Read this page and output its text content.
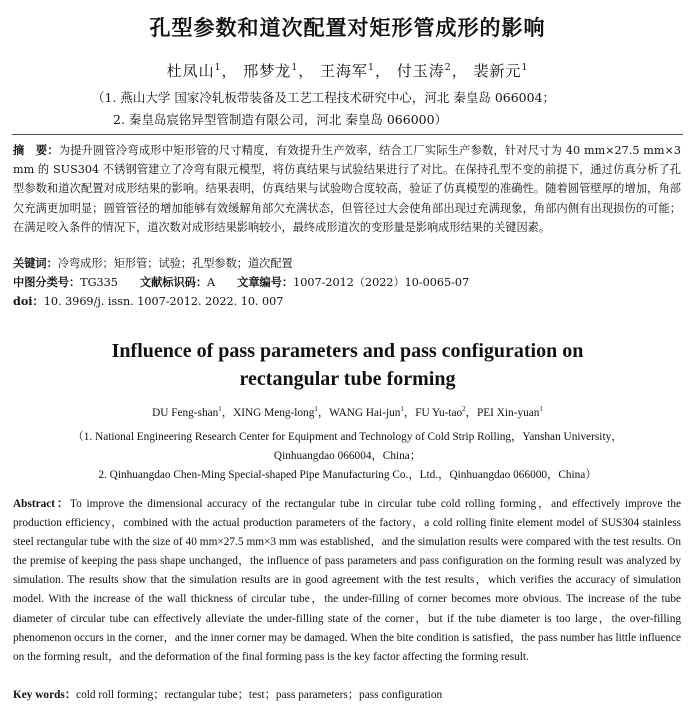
孔型参数和道次配置对矩形管成形的影响
杜凤山$^1$， 邢梦龙$^1$， 王海军$^1$， 付玉涛$^2$， 裴新元$^1$
（1. 燕山大学 国家冷轧板带装备及工艺工程技术研究中心，河北 秦皇岛 066004；
2. 秦皇岛宸铭异型管制造有限公司，河北 秦皇岛 066000）
摘　要：为提升圆管冷弯成形中矩形管的尺寸精度，有效提升生产效率，结合工厂实际生产参数，针对尺寸为 40 mm×27.5 mm×3 mm 的 SUS304 不锈钢管建立了冷弯有限元模型，将仿真结果与试验结果进行了对比。在保持孔型不变的前提下，通过仿真分析了孔型参数和道次配置对成形结果的影响。结果表明，仿真结果与试验吻合度较高，验证了仿真模型的准确性。随着圆管壁厚的增加，角部欠充满更加明显；圆管管径的增加能够有效缓解角部欠充满状态，但管径过大会使角部出现过充满现象，角部内侧有出现损伤的可能；在满足咬入条件的情况下，道次数对成形结果影响较小，最终成形道次的变形量是影响成形结果的关键因素。
关键词：冷弯成形；矩形管；试验；孔型参数；道次配置
中图分类号：TG335 文献标识码：A 文章编号：1007-2012（2022）10-0065-07
doi：10. 3969/j. issn. 1007-2012. 2022. 10. 007
Influence of pass parameters and pass configuration on
rectangular tube forming
DU Feng-shan$^1$，XING Meng-long$^1$，WANG Hai-jun$^1$，FU Yu-tao$^2$，PEI Xin-yuan$^1$
（1. National Engineering Research Center for Equipment and Technology of Cold Strip Rolling，Yanshan University，
Qinhuangdao 066004，China；
2. Qinhuangdao Chen-Ming Special-shaped Pipe Manufacturing Co.，Ltd.，Qinhuangdao 066000，China）
Abstract：To improve the dimensional accuracy of the rectangular tube in circular tube cold rolling forming，and effectively improve the production efficiency，combined with the actual production parameters of the factory，a cold rolling finite element model of SUS304 stainless steel rectangular tube with the size of 40 mm×27.5 mm×3 mm was established，and the simulation results were compared with the test results. On the premise of keeping the pass shape unchanged，the influence of pass parameters and pass configuration on the forming result was analyzed by simulation. The results show that the simulation results are in good agreement with the test results，which verifies the accuracy of simulation model. With the increase of the wall thickness of circular tube，the under-filling of corner becomes more obvious. The increase of the tube diameter of circular tube can effectively alleviate the under-filling state of the corner，but if the tube diameter is too large，the over-filling phenomenon occurs in the corner，and the inner corner may be damaged. When the bite condition is satisfied，the pass number has little influence on the forming result，and the deformation of the final forming pass is the key factor affecting the forming result.
Key words：cold roll forming；rectangular tube；test；pass parameters；pass configuration
